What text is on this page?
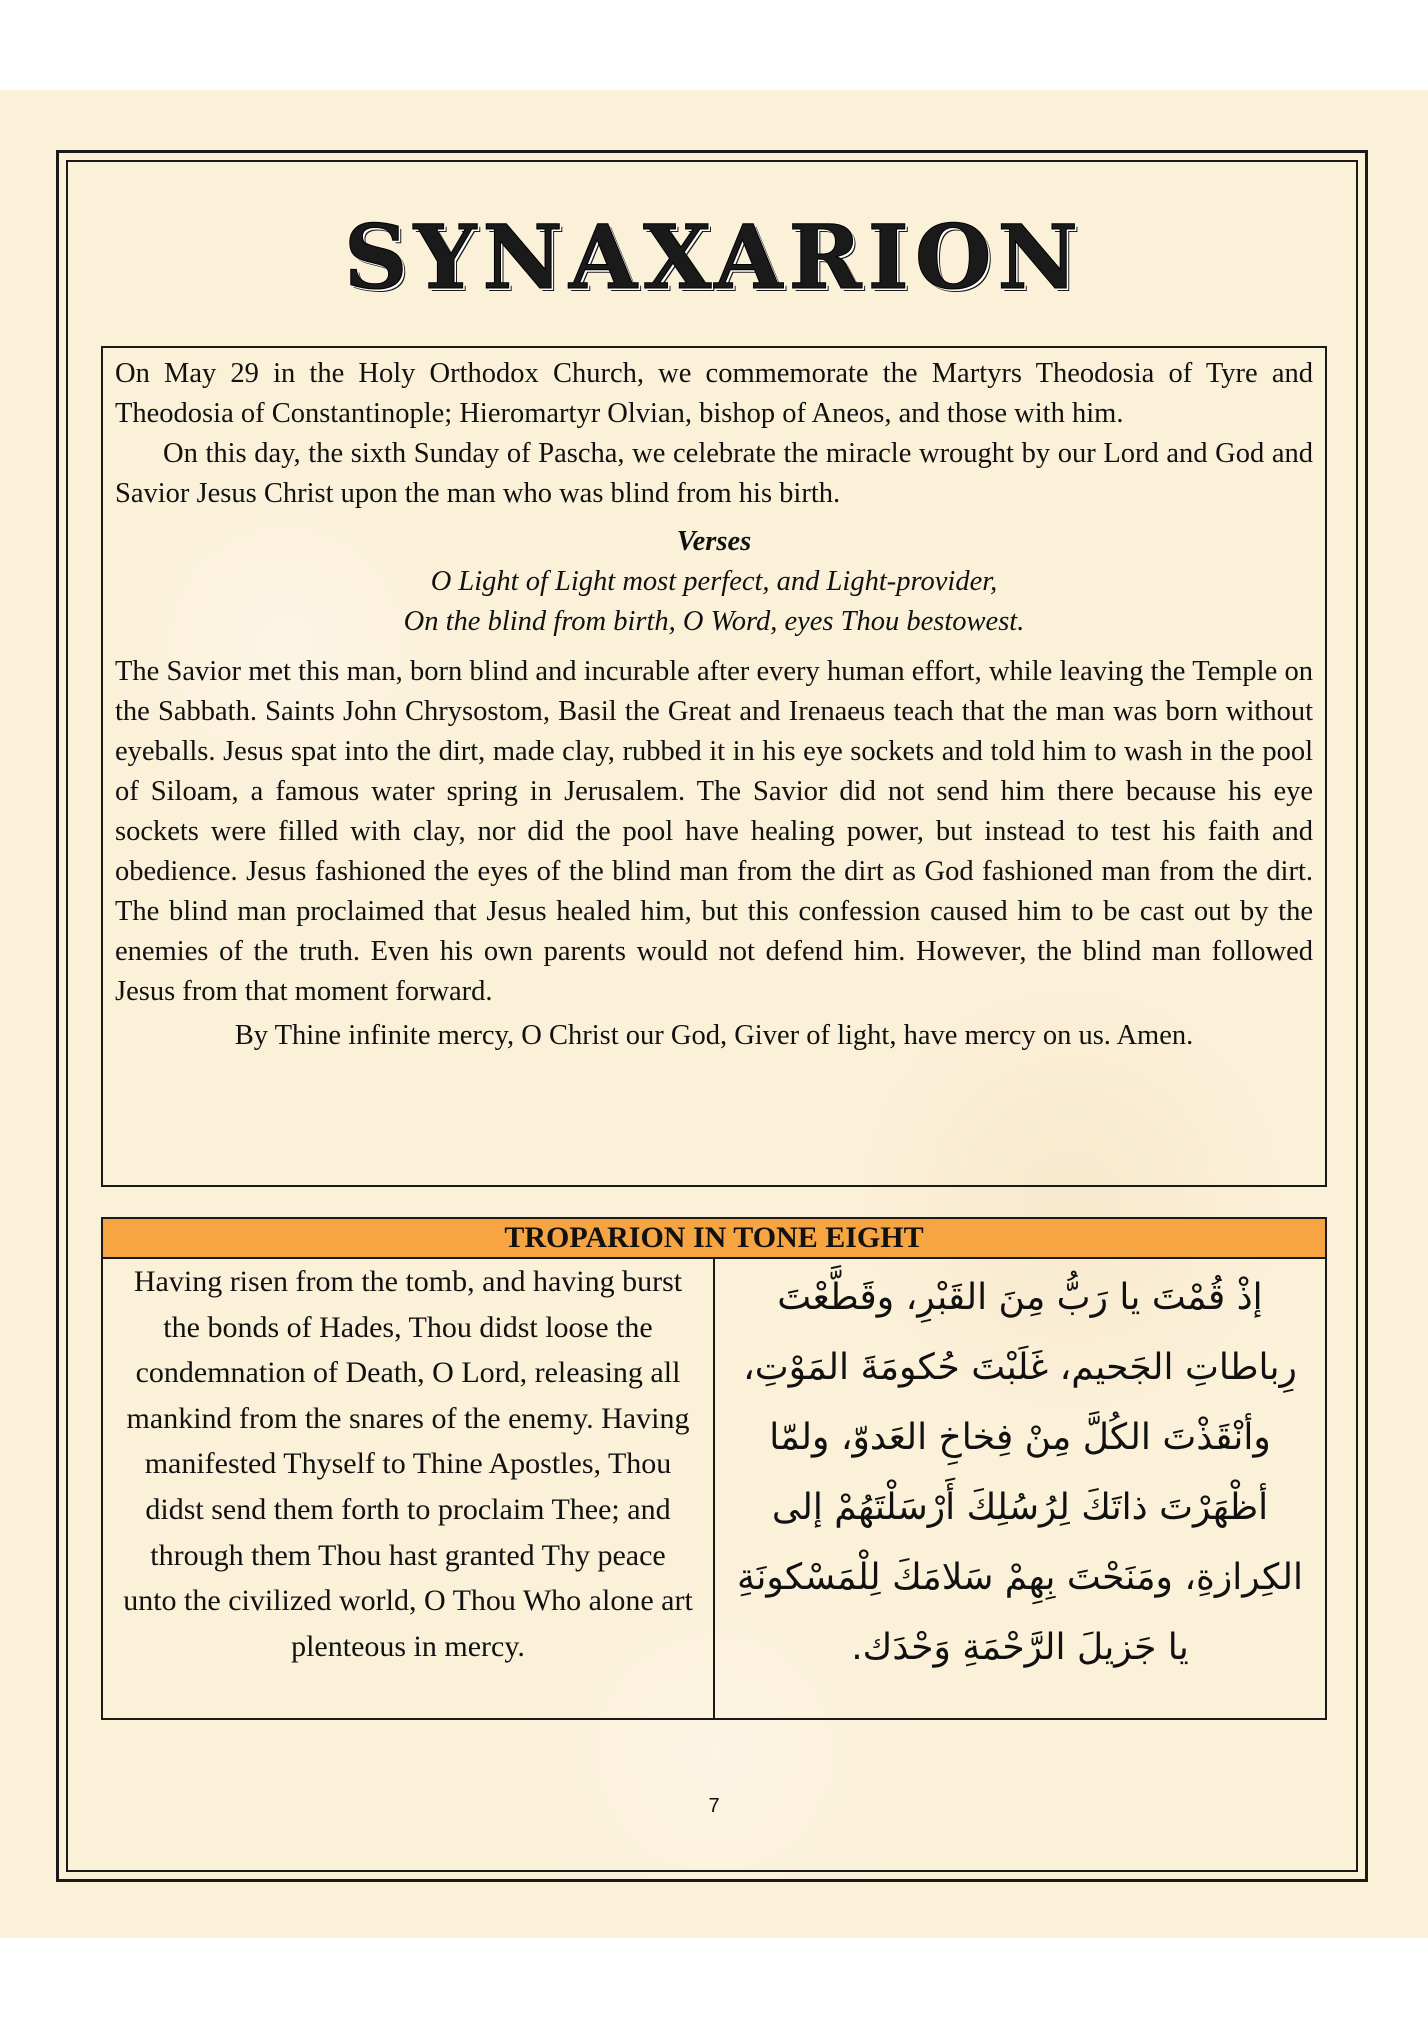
SYNAXARION

On May 29 in the Holy Orthodox Church, we commemorate the Martyrs Theodosia of Tyre and Theodosia of Constantinople; Hieromartyr Olvian, bishop of Aneos, and those with him.

On this day, the sixth Sunday of Pascha, we celebrate the miracle wrought by our Lord and God and Savior Jesus Christ upon the man who was blind from his birth.

Verses
O Light of Light most perfect, and Light-provider,
On the blind from birth, O Word, eyes Thou bestowest.

The Savior met this man, born blind and incurable after every human effort, while leaving the Temple on the Sabbath. Saints John Chrysostom, Basil the Great and Irenaeus teach that the man was born without eyeballs. Jesus spat into the dirt, made clay, rubbed it in his eye sockets and told him to wash in the pool of Siloam, a famous water spring in Jerusalem. The Savior did not send him there because his eye sockets were filled with clay, nor did the pool have healing power, but instead to test his faith and obedience. Jesus fashioned the eyes of the blind man from the dirt as God fashioned man from the dirt. The blind man proclaimed that Jesus healed him, but this confession caused him to be cast out by the enemies of the truth. Even his own parents would not defend him. However, the blind man followed Jesus from that moment forward.

By Thine infinite mercy, O Christ our God, Giver of light, have mercy on us. Amen.

TROPARION IN TONE EIGHT
Having risen from the tomb, and having burst the bonds of Hades, Thou didst loose the condemnation of Death, O Lord, releasing all mankind from the snares of the enemy. Having manifested Thyself to Thine Apostles, Thou didst send them forth to proclaim Thee; and through them Thou hast granted Thy peace unto the civilized world, O Thou Who alone art plenteous in mercy.

إذْ قُمْتَ يا رَبُّ مِنَ القَبْرِ، وقَطَّعْتَ رِباطاتِ الجَحيم، غَلَبْتَ حُكومَةَ المَوْتِ، وأنْقَذْتَ الكُلَّ مِنْ فِخاخِ العَدوّ، ولمّا أظْهَرْتَ ذاتَكَ لِرُسُلِكَ أَرْسَلْتَهُمْ إلى الكِرازةِ، ومَنَحْتَ بِهِمْ سَلامَكَ لِلْمَسْكونَةِ يا جَزيلَ الرَّحْمَةِ وَحْدَك.

7
